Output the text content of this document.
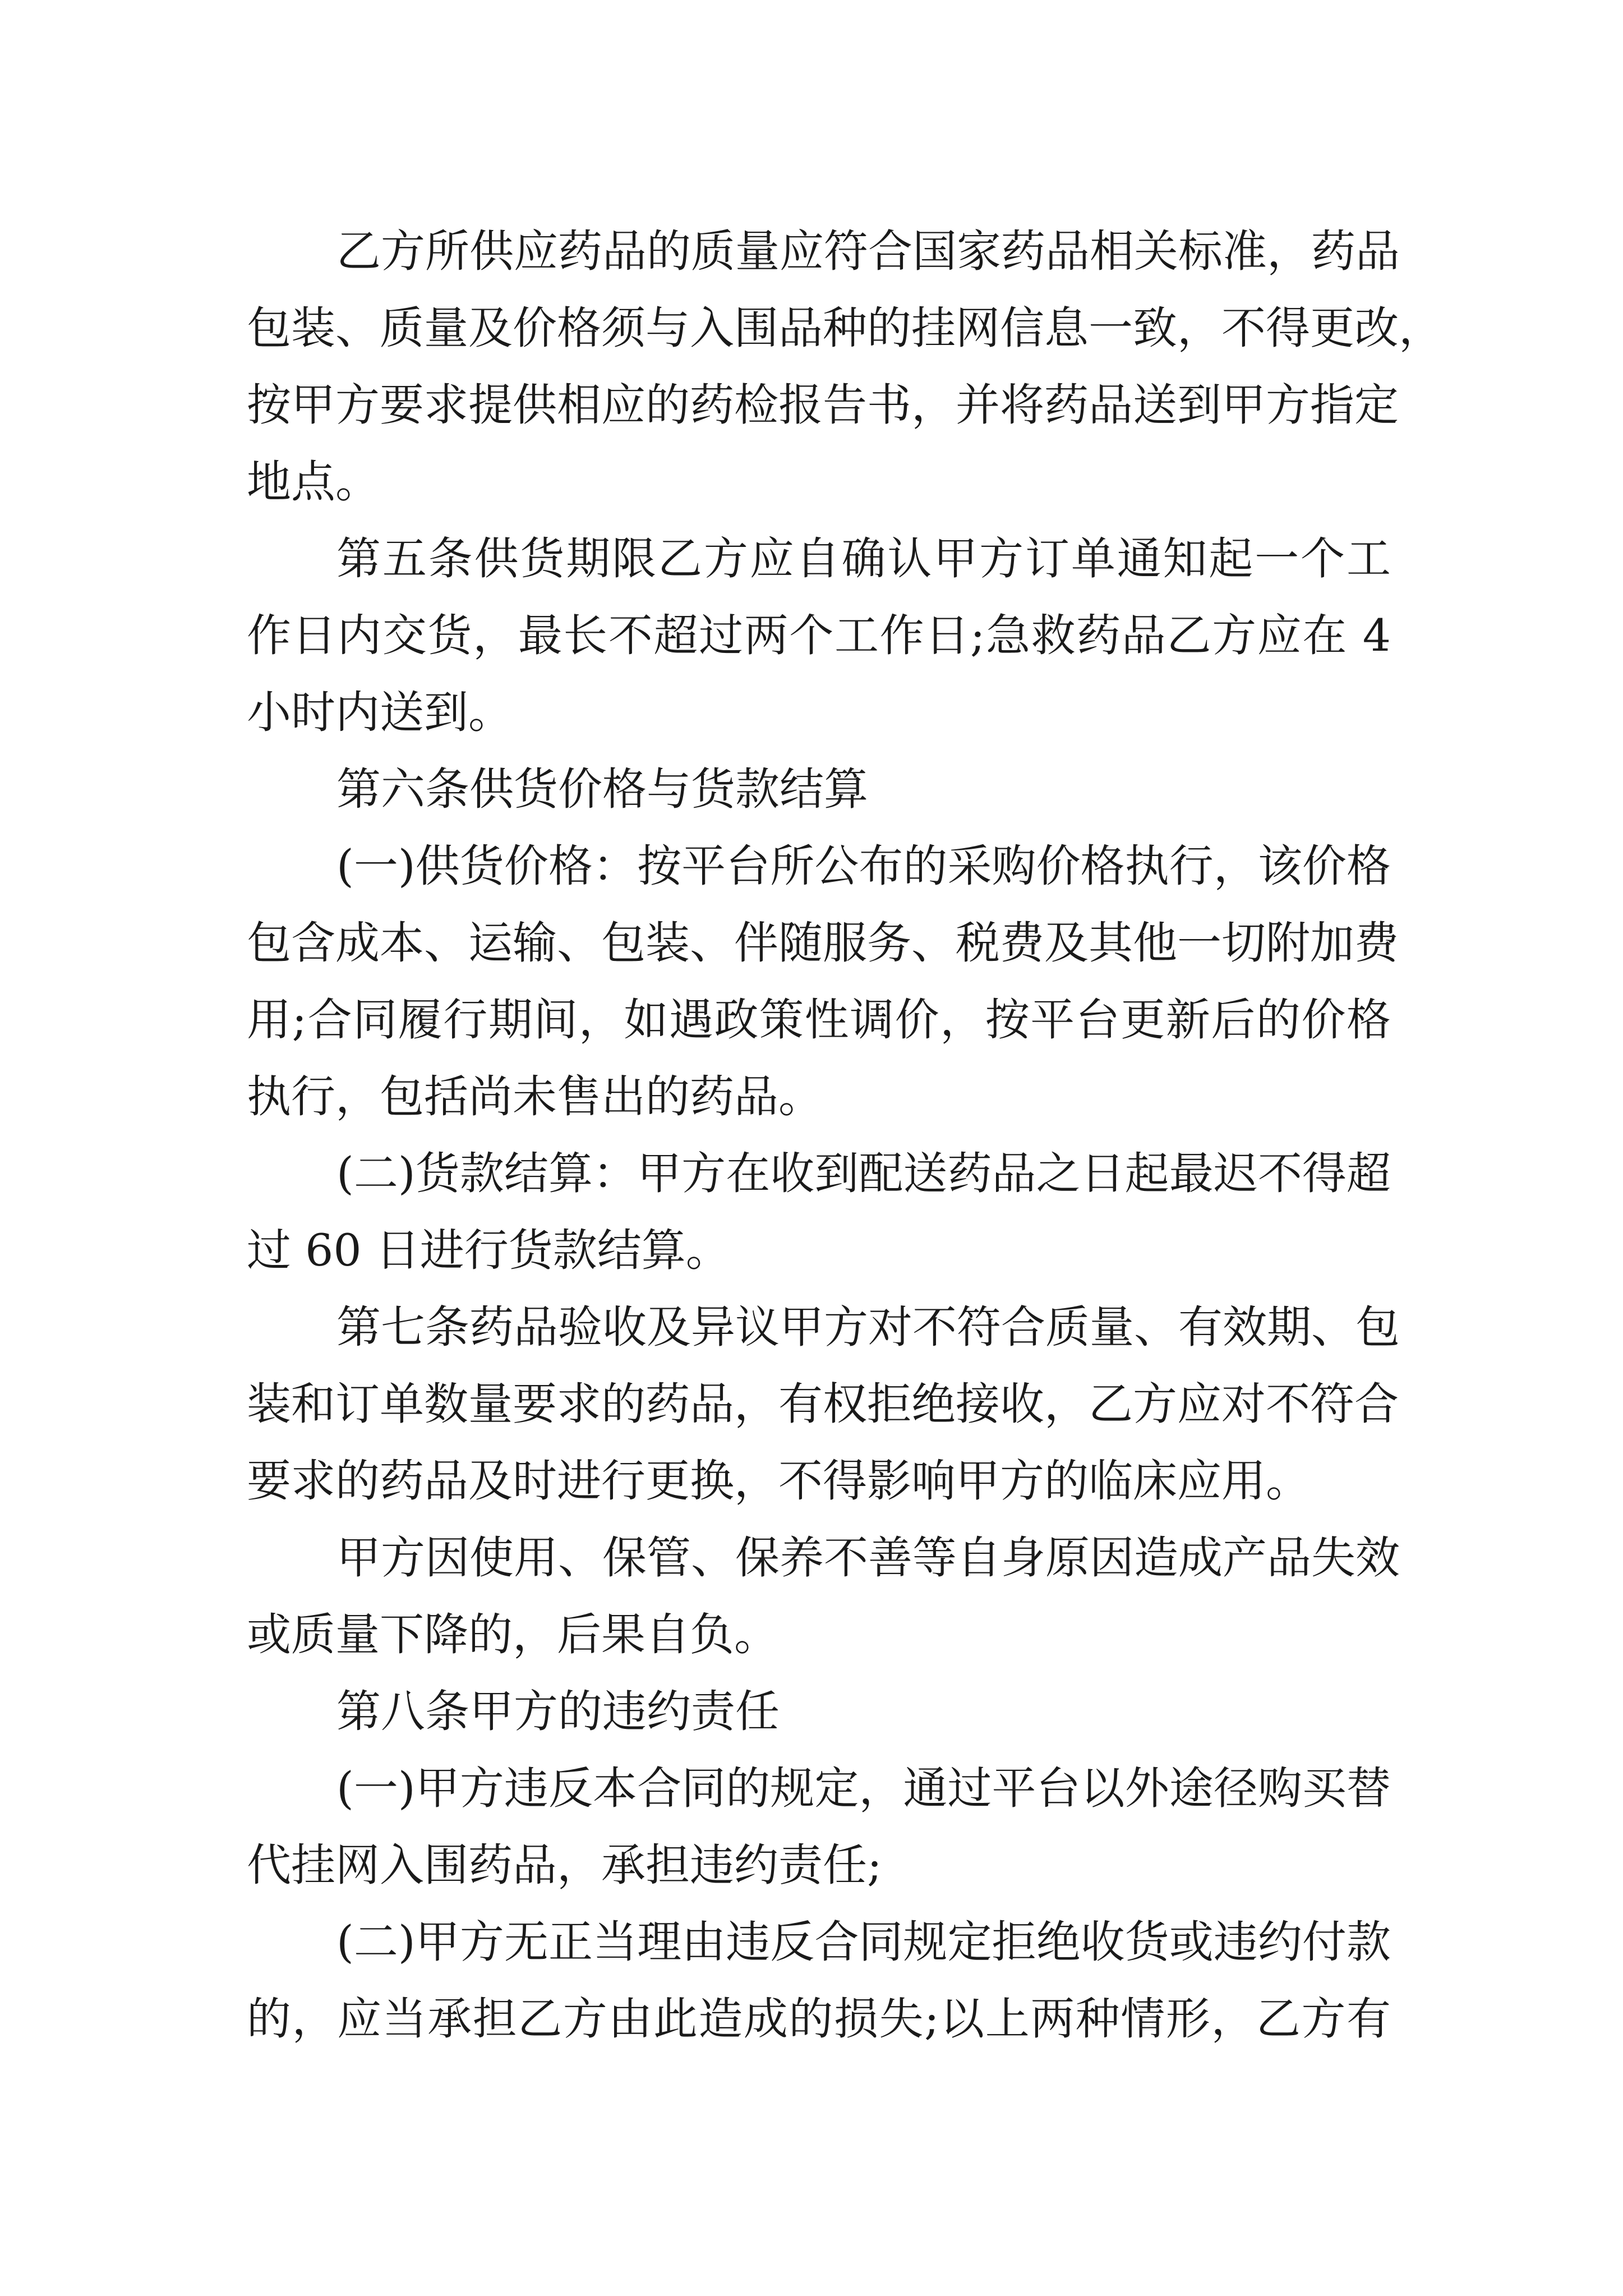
乙方所供应药品的质量应符合国家药品相关标准，药品
包装、质量及价格须与入围品种的挂网信息一致，不得更改，
按甲方要求提供相应的药检报告书，并将药品送到甲方指定
地点。
第五条供货期限乙方应自确认甲方订单通知起一个工
作日内交货，最长不超过两个工作日;急救药品乙方应在 4
小时内送到。
第六条供货价格与货款结算
(一)供货价格：按平台所公布的采购价格执行，该价格
包含成本、运输、包装、伴随服务、税费及其他一切附加费
用;合同履行期间，如遇政策性调价，按平台更新后的价格
执行，包括尚未售出的药品。
(二)货款结算：甲方在收到配送药品之日起最迟不得超
过 60 日进行货款结算。
第七条药品验收及异议甲方对不符合质量、有效期、包
装和订单数量要求的药品，有权拒绝接收，乙方应对不符合
要求的药品及时进行更换，不得影响甲方的临床应用。
甲方因使用、保管、保养不善等自身原因造成产品失效
或质量下降的，后果自负。
第八条甲方的违约责任
(一)甲方违反本合同的规定，通过平台以外途径购买替
代挂网入围药品，承担违约责任;
(二)甲方无正当理由违反合同规定拒绝收货或违约付款
的，应当承担乙方由此造成的损失;以上两种情形，乙方有
